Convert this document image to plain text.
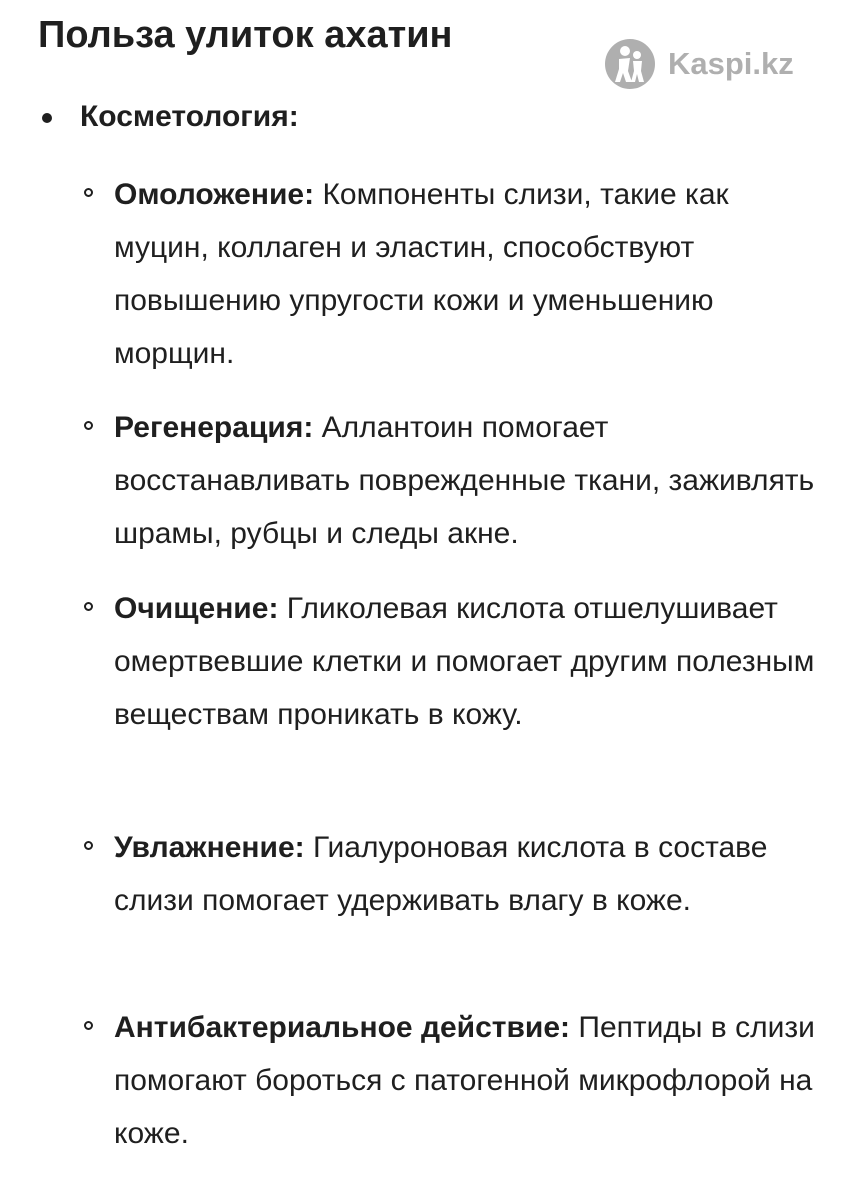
Польза улиток ахатин
Kaspi.kz
Косметология:

Омоложение: Компоненты слизи, такие как муцин, коллаген и эластин, способствуют повышению упругости кожи и уменьшению морщин.

Регенерация: Аллантоин помогает восстанавливать поврежденные ткани, заживлять шрамы, рубцы и следы акне.

Очищение: Гликолевая кислота отшелушивает омертвевшие клетки и помогает другим полезным веществам проникать в кожу.

Увлажнение: Гиалуроновая кислота в составе слизи помогает удерживать влагу в коже.

Антибактериальное действие: Пептиды в слизи помогают бороться с патогенной микрофлорой на коже.
